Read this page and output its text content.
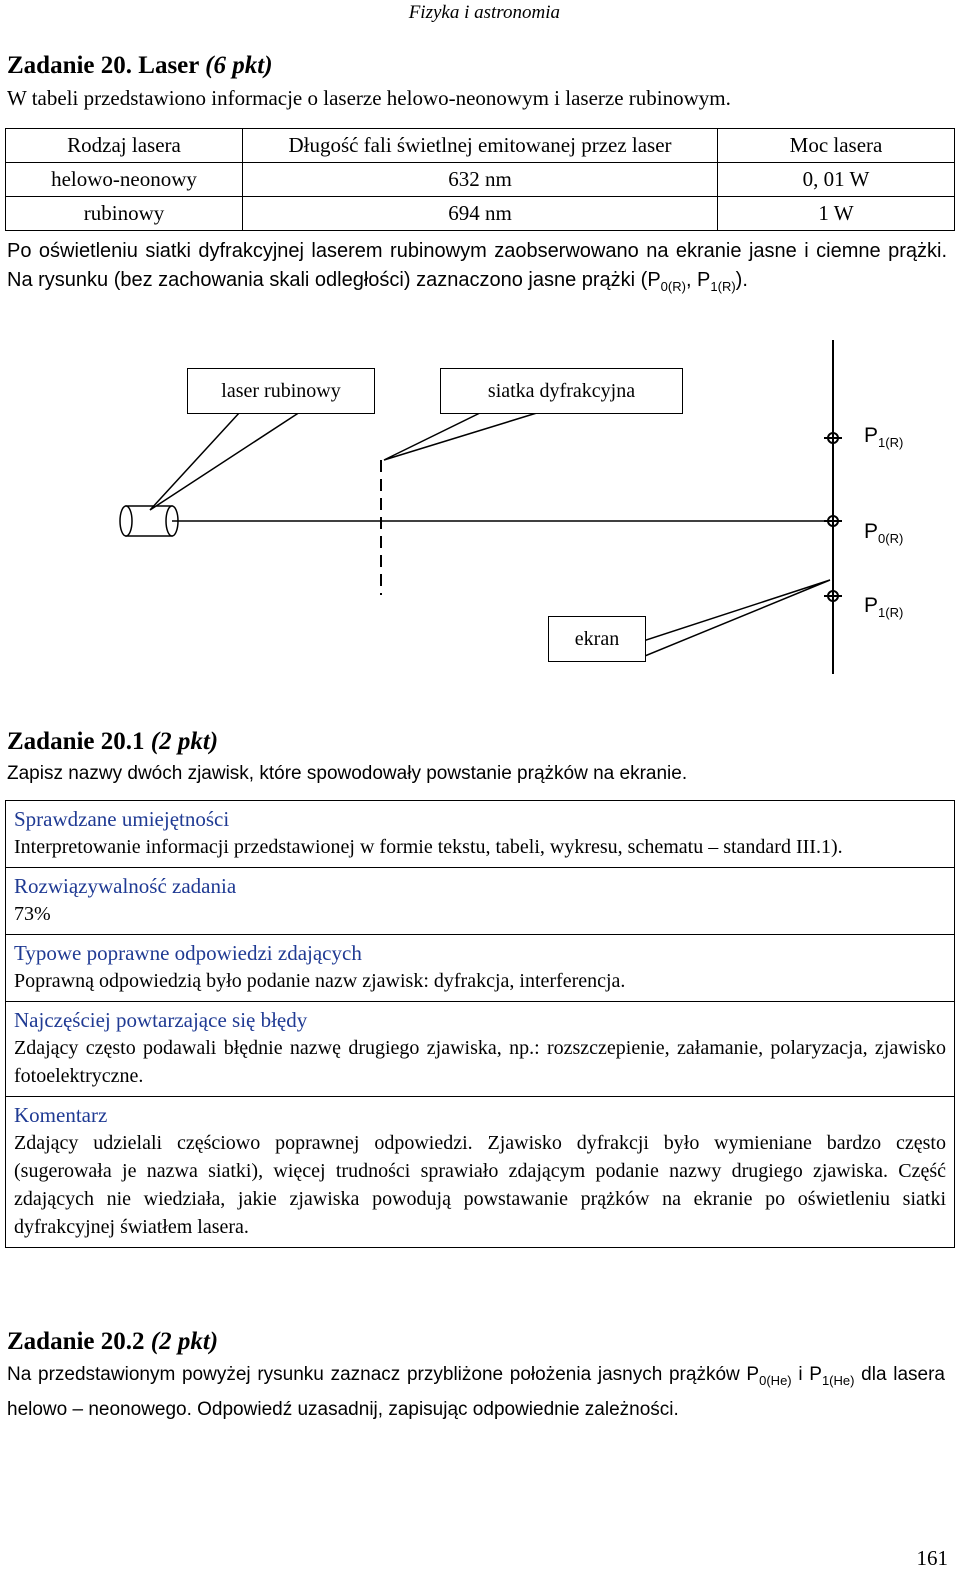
Fizyka i astronomia
Zadanie 20. Laser (6 pkt)
W tabeli przedstawiono informacje o laserze helowo-neonowym i laserze rubinowym.
Rodzaj lasera	Długość fali świetlnej emitowanej przez laser	Moc lasera
helowo-neonowy	632 nm	0, 01 W
rubinowy	694 nm	1 W
Po oświetleniu siatki dyfrakcyjnej laserem rubinowym zaobserwowano na ekranie jasne i ciemne prążki. Na rysunku (bez zachowania skali odległości) zaznaczono jasne prążki ($P_{0(R)}$, $P_{1(R)}$).
laser rubinowy	siatka dyfrakcyjna
ekran
$P_{1(R)}$
$P_{0(R)}$
$P_{1(R)}$
Zadanie 20.1 (2 pkt)
Zapisz nazwy dwóch zjawisk, które spowodowały powstanie prążków na ekranie.
Sprawdzane umiejętności
Interpretowanie informacji przedstawionej w formie tekstu, tabeli, wykresu, schematu – standard III.1).
Rozwiązywalność zadania
73%
Typowe poprawne odpowiedzi zdających
Poprawną odpowiedzią było podanie nazw zjawisk: dyfrakcja, interferencja.
Najczęściej powtarzające się błędy
Zdający często podawali błędnie nazwę drugiego zjawiska, np.: rozszczepienie, załamanie, polaryzacja, zjawisko fotoelektryczne.
Komentarz
Zdający udzielali częściowo poprawnej odpowiedzi. Zjawisko dyfrakcji było wymieniane bardzo często (sugerowała je nazwa siatki), więcej trudności sprawiało zdającym podanie nazwy drugiego zjawiska. Część zdających nie wiedziała, jakie zjawiska powodują powstawanie prążków na ekranie po oświetleniu siatki dyfrakcyjnej światłem lasera.
Zadanie 20.2 (2 pkt)
Na przedstawionym powyżej rysunku zaznacz przybliżone położenia jasnych prążków $P_{0(He)}$ i $P_{1(He)}$ dla lasera helowo – neonowego. Odpowiedź uzasadnij, zapisując odpowiednie zależności.
161
